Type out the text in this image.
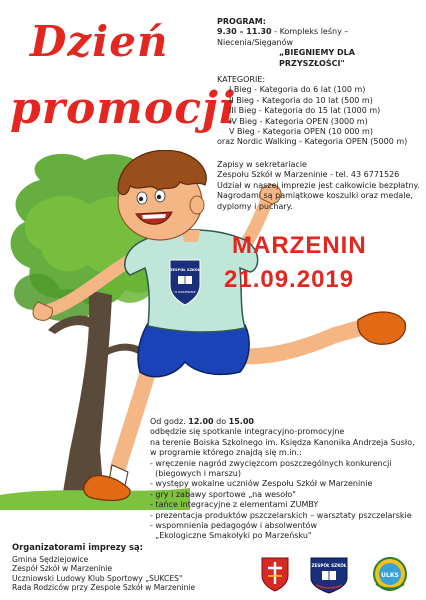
ZESPÓŁ SZKÓŁ
W MARZENINIE
Dzień
promocji
PROGRAM:
9.30 – 11.30 - Kompleks leśny – Niecenia/Sięganów
„BIEGNIEMY DLA PRZYSZŁOŚCI"
KATEGORIE:
I Bieg - Kategoria do 6 lat (100 m)
II Bieg - Kategoria do 10 lat (500 m)
III Bieg - Kategoria do 15 lat (1000 m)
IV Bieg - Kategoria OPEN (3000 m)
V Bieg - Kategoria OPEN (10 000 m)
oraz Nordic Walking - Kategoria OPEN (5000 m)
Zapisy w sekretariacie
Zespołu Szkół w Marzeninie - tel. 43 6771526
Udział w naszej imprezie jest całkowicie bezpłatny.
Nagrodami są pamiątkowe koszulki oraz medale,
dyplomy i puchary.
MARZENIN
21.09.2019
Od godz. 12.00 do 15.00
odbędzie się spotkanie integracyjno-promocyjne
na terenie Boiska Szkolnego im. Księdza Kanonika Andrzeja Susło,
w programie którego znajdą się m.in.:
- wręczenie nagród zwycięzcom poszczególnych konkurencji
(biegowych i marszu)
- występy wokalne uczniów Zespołu Szkół w Marzeninie
- gry i zabawy sportowe „na wesoło"
- tańce integracyjne z elementami ZUMBY
- prezentacja produktów pszczelarskich – warsztaty pszczelarskie
- wspomnienia pedagogów i absolwentów
„Ekologiczne Smakołyki po Marzeńsku"
Organizatorami imprezy są:
Gmina Sędziejowice
Zespół Szkół w Marzeninie
Uczniowski Ludowy Klub Sportowy „SUKCES"
Rada Rodziców przy Zespole Szkół w Marzeninie
ZESPÓŁ SZKÓŁ
ULKS
